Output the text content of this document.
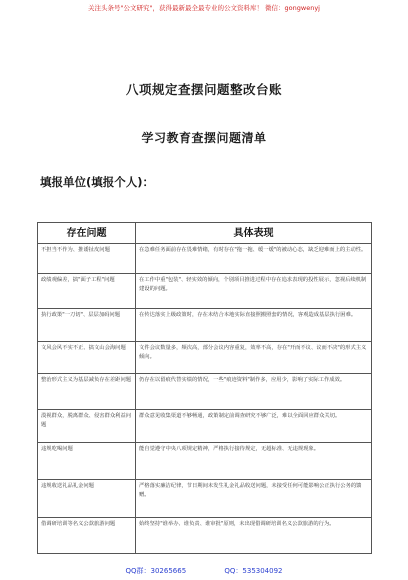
关注头条号"公文研究"，获得最新最全最专业的公文资料库！ 微信：gongwenyj
八项规定查摆问题整改台账
学习教育查摆问题清单
填报单位(填报个人)：
存在问题	具体表现
不担当不作为、推诿扯皮问题	在急难任务面前存在畏难情绪，有时存在"拖一拖、缓一缓"的被动心态，缺乏迎难而上的主动性。
政绩观偏差，搞"面子工程"问题	在工作中重"包装"、轻实效的倾向，个别项目推进过程中存在追求表现的投性展示，忽视后续机制建设的问题。
执行政策"一刀切"、层层加码问题	在传达落实上级政策时，存在未结合本地实际直接照搬照套的情况，客观造成基层执行困难。
文风会风不实不正、搞文山会海问题	文件会议数量多，频次高，部分会议内容重复，效率不高，存在"开而不议、议而不决"的形式主义倾向。
整治形式主义为基层减负存在差距问题	仍存在以留痕代替实绩的情况，一些"痕迹资料"制作多，应用少，影响了实际工作成效。
漠视群众，脱离群众、侵害群众利益问题	群众意见收集渠道不够畅通，政策制定前调查研究不够广泛，难以全面回应群众关切。
违规吃喝问题	能自觉遵守中央八项规定精神，严格执行接待规定，无超标准、无违规现象。
违规收送礼品礼金问题	严格落实廉洁纪律，节日期间未发生礼金礼品收送问题，未接受任何可能影响公正执行公务的馈赠。
借调研培训等名义公款旅游问题	始终坚持"谁举办、谁负责、谁审批"原则，未出现借调研培训名义公款旅游的行为。
QQ群：30265665	QQ：535304092
